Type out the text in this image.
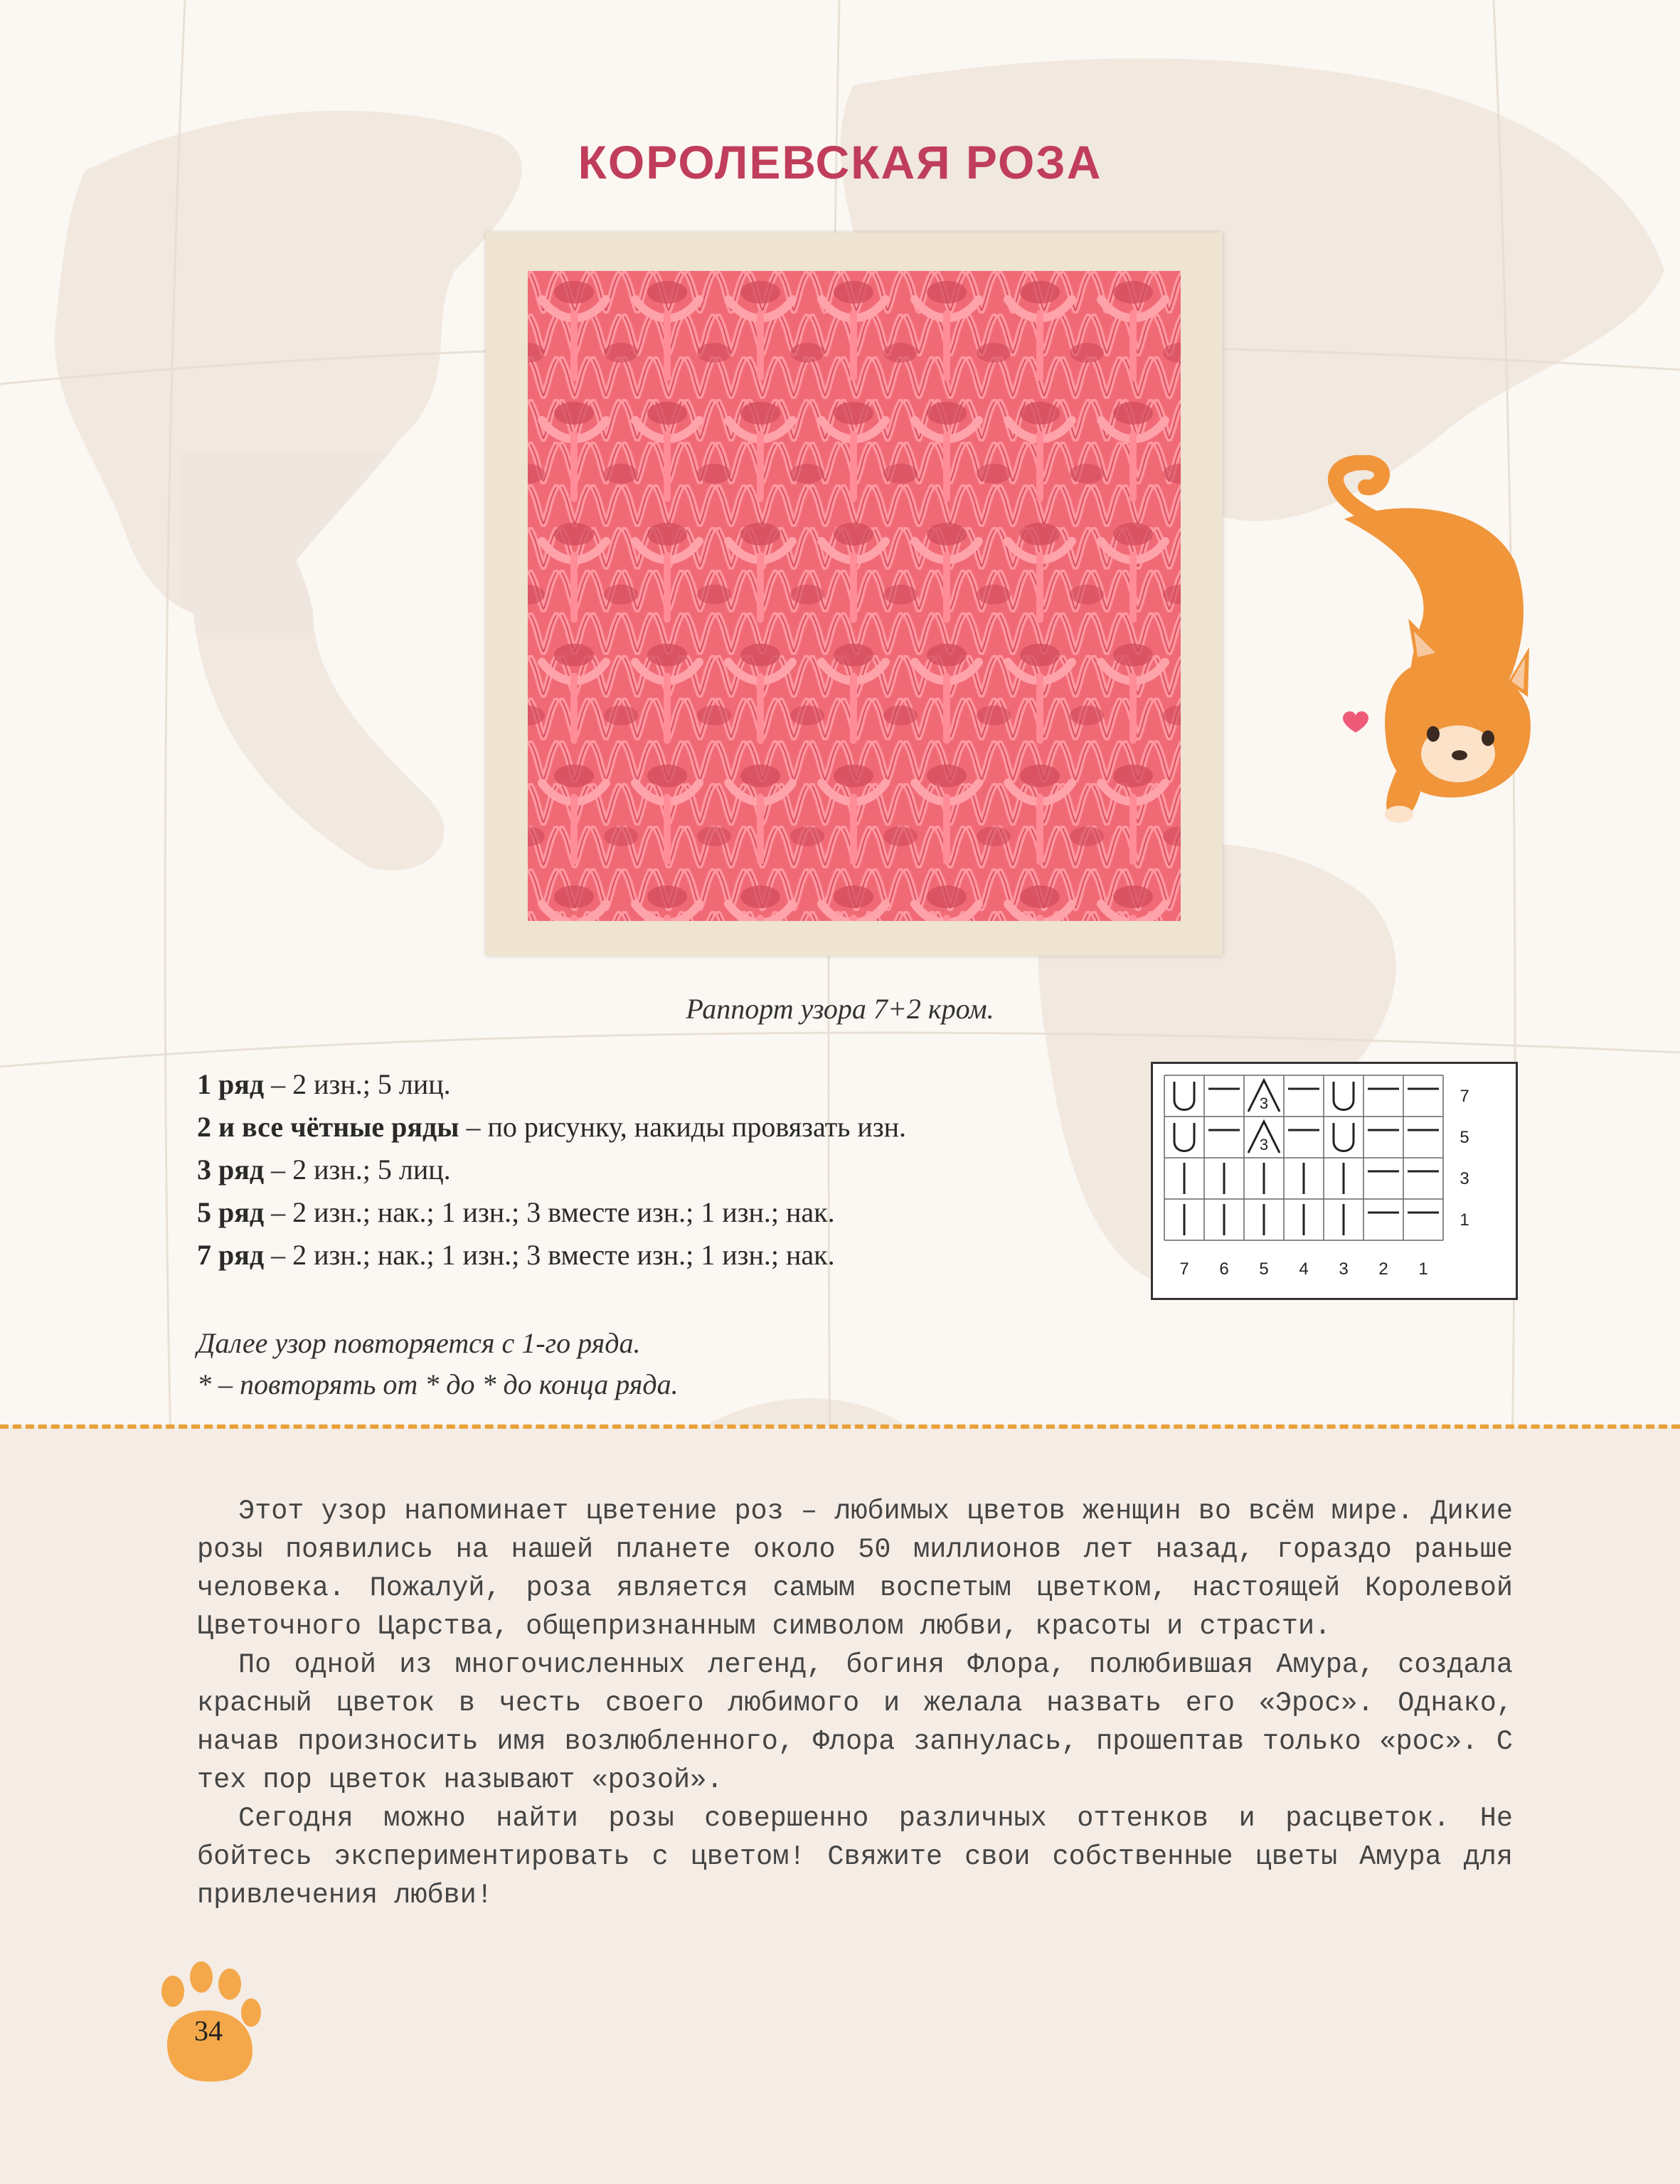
КОРОЛЕВСКАЯ РОЗА
Раппорт узора 7+2 кром.
1 ряд – 2 изн.; 5 лиц.
2 и все чётные ряды – по рисунку, накиды провязать изн.
3 ряд – 2 изн.; 5 лиц.
5 ряд – 2 изн.; нак.; 1 изн.; 3 вместе изн.; 1 изн.; нак.
7 ряд – 2 изн.; нак.; 1 изн.; 3 вместе изн.; 1 изн.; нак.
Далее узор повторяется с 1-го ряда.
* – повторять от * до * до конца ряда.
3	7
3	5
3
1
7 6 5 4 3 2 1

Этот узор напоминает цветение роз – любимых цветов женщин во всём мире. Дикие розы появились на нашей планете около 50 миллионов лет назад, гораздо раньше человека. Пожалуй, роза является самым воспетым цветком, настоящей Королевой Цветочного Царства, общепризнанным символом любви, красоты и страсти.

По одной из многочисленных легенд, богиня Флора, полюбившая Амура, создала красный цветок в честь своего любимого и желала назвать его «Эрос». Однако, начав произносить имя возлюбленного, Флора запнулась, прошептав только «рос». С тех пор цветок называют «розой».

Сегодня можно найти розы совершенно различных оттенков и расцветок. Не бойтесь экспериментировать с цветом! Свяжите свои собственные цветы Амура для привлечения любви!

34
